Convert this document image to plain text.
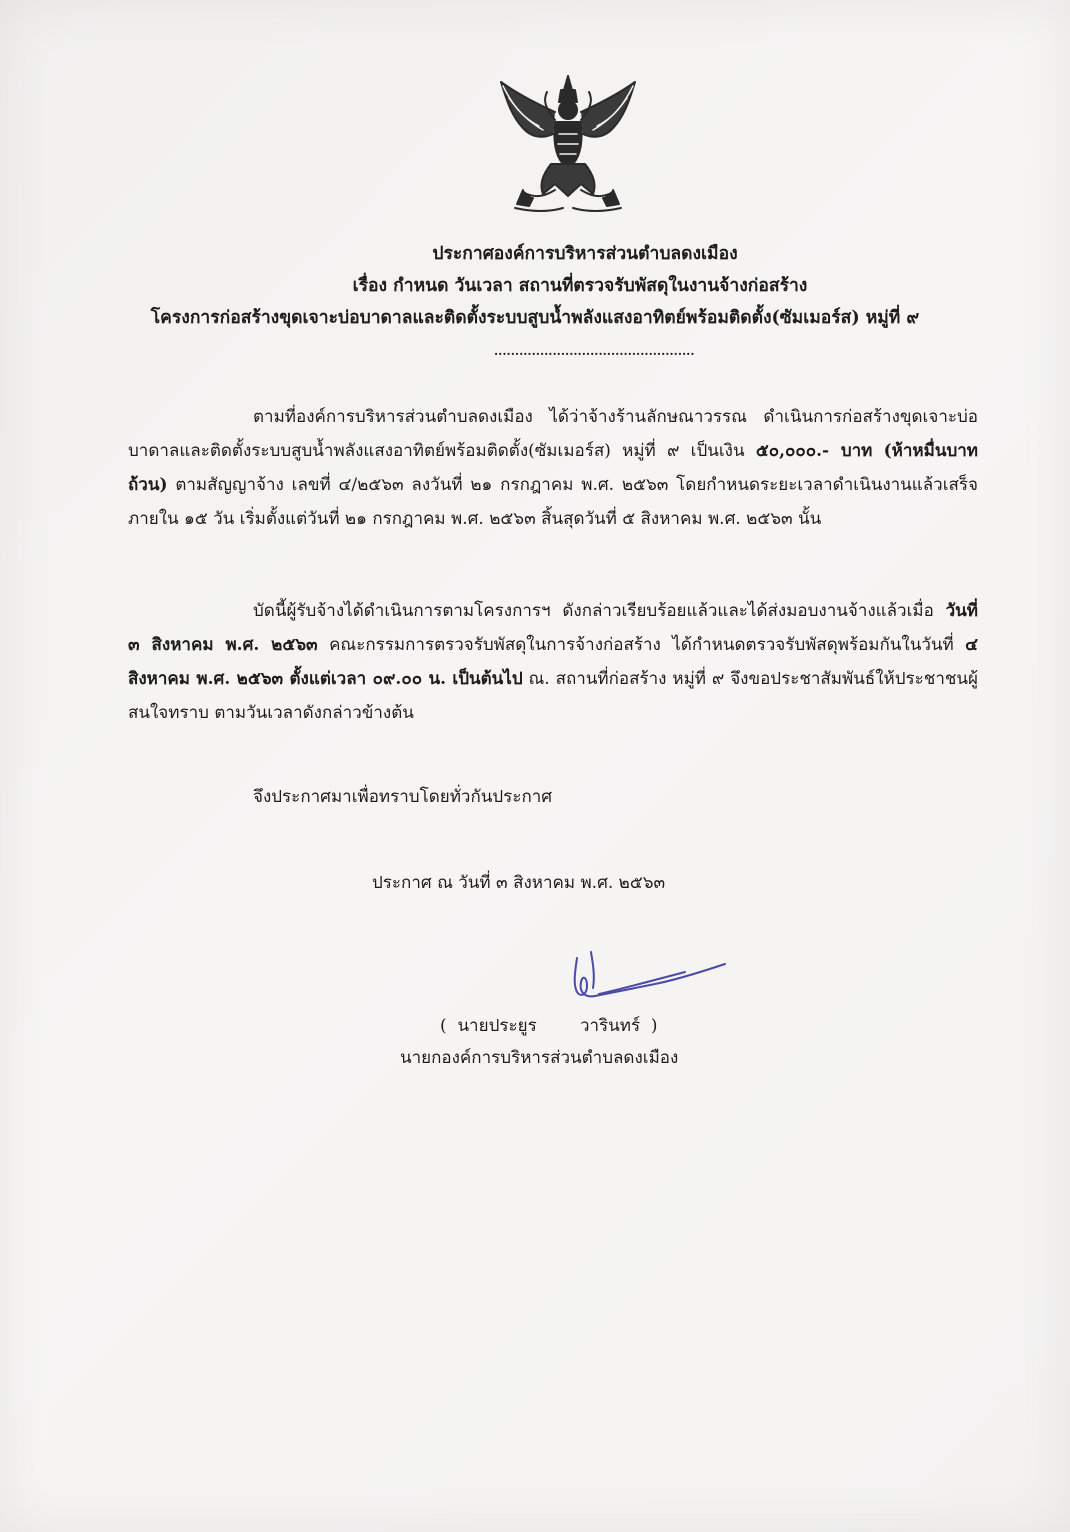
ประกาศองค์การบริหารส่วนตำบลดงเมือง
เรื่อง กำหนด วันเวลา สถานที่ตรวจรับพัสดุในงานจ้างก่อสร้าง
โครงการก่อสร้างขุดเจาะบ่อบาดาลและติดตั้งระบบสูบน้ำพลังแสงอาทิตย์พร้อมติดตั้ง(ซัมเมอร์ส) หมู่ที่ ๙
................................................

ตามที่องค์การบริหารส่วนตำบลดงเมือง ได้ว่าจ้างร้านลักษณาวรรณ ดำเนินการก่อสร้างขุดเจาะบ่อบาดาลและติดตั้งระบบสูบน้ำพลังแสงอาทิตย์พร้อมติดตั้ง(ซัมเมอร์ส) หมู่ที่ ๙ เป็นเงิน ๕๐,๐๐๐.- บาท (ห้าหมื่นบาทถ้วน) ตามสัญญาจ้าง เลขที่ ๔/๒๕๖๓ ลงวันที่ ๒๑ กรกฎาคม พ.ศ. ๒๕๖๓ โดยกำหนดระยะเวลาดำเนินงานแล้วเสร็จภายใน ๑๕ วัน เริ่มตั้งแต่วันที่ ๒๑ กรกฎาคม พ.ศ. ๒๕๖๓ สิ้นสุดวันที่ ๕ สิงหาคม พ.ศ. ๒๕๖๓ นั้น

บัดนี้ผู้รับจ้างได้ดำเนินการตามโครงการฯ ดังกล่าวเรียบร้อยแล้วและได้ส่งมอบงานจ้างแล้วเมื่อ วันที่ ๓ สิงหาคม พ.ศ. ๒๕๖๓ คณะกรรมการตรวจรับพัสดุในการจ้างก่อสร้าง ได้กำหนดตรวจรับพัสดุพร้อมกันในวันที่ ๔ สิงหาคม พ.ศ. ๒๕๖๓ ตั้งแต่เวลา ๐๙.๐๐ น. เป็นต้นไป ณ. สถานที่ก่อสร้าง หมู่ที่ ๙ จึงขอประชาสัมพันธ์ให้ประชาชนผู้สนใจทราบ ตามวันเวลาดังกล่าวข้างต้น

จึงประกาศมาเพื่อทราบโดยทั่วกันประกาศ

ประกาศ ณ วันที่ ๓ สิงหาคม พ.ศ. ๒๕๖๓
(  นายประยูร        วารินทร์  )
นายกองค์การบริหารส่วนตำบลดงเมือง
